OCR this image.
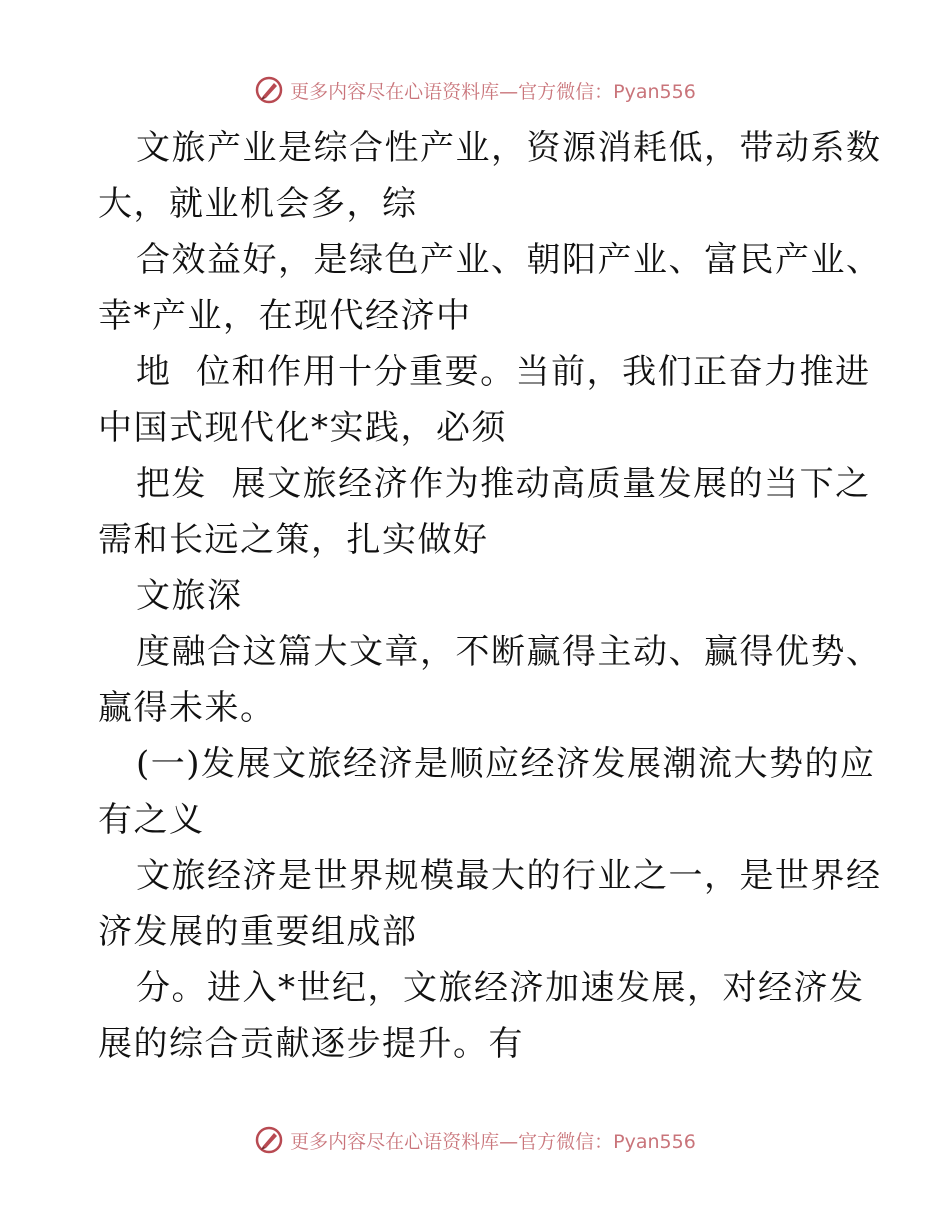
更多内容尽在心语资料库—官方微信：Pyan556
文旅产业是综合性产业，资源消耗低，带动系数
大，就业机会多，综
合效益好，是绿色产业、朝阳产业、富民产业、
幸*产业，在现代经济中
地  位和作用十分重要。当前，我们正奋力推进
中国式现代化*实践，必须
把发  展文旅经济作为推动高质量发展的当下之
需和长远之策，扎实做好
文旅深
度融合这篇大文章，不断赢得主动、赢得优势、
赢得未来。
(一)发展文旅经济是顺应经济发展潮流大势的应
有之义
文旅经济是世界规模最大的行业之一，是世界经
济发展的重要组成部
分。进入*世纪，文旅经济加速发展，对经济发
展的综合贡献逐步提升。有
更多内容尽在心语资料库—官方微信：Pyan556
